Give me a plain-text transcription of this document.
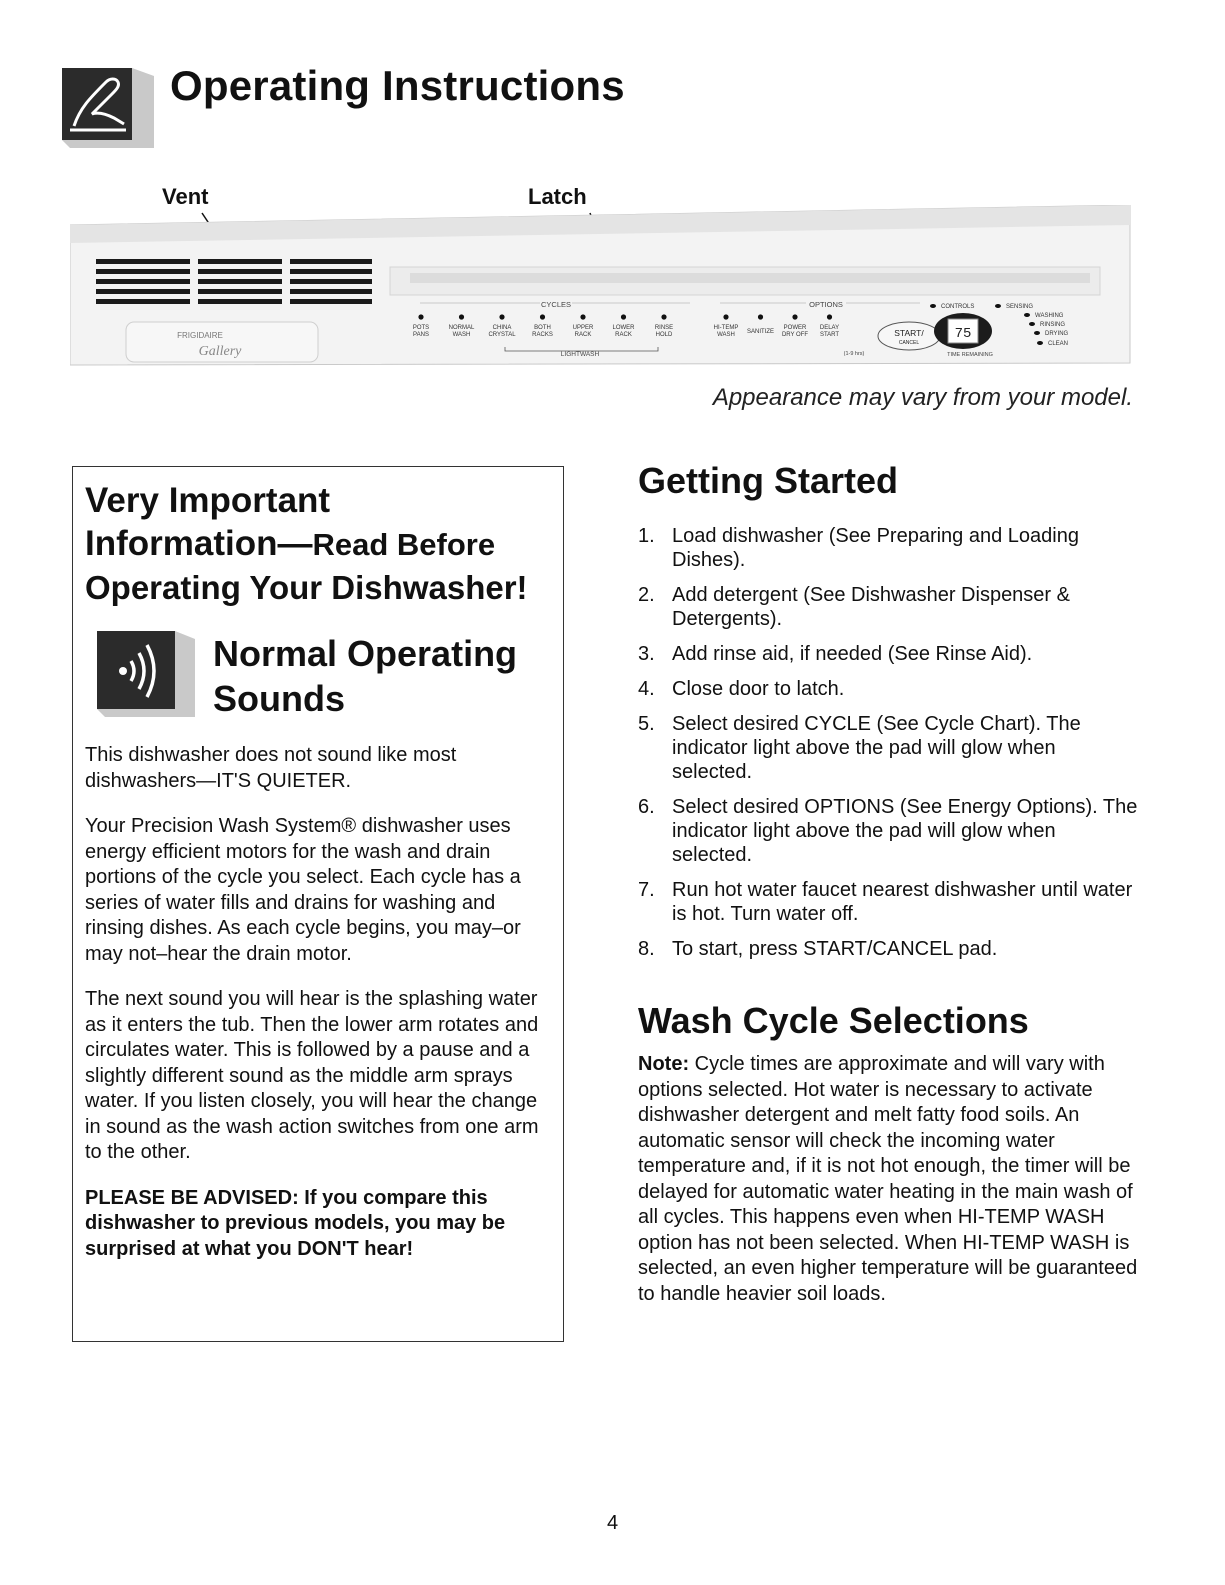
Operating Instructions
Vent	Latch
FRIGIDAIRE
Gallery
CYCLES	OPTIONS
POTS
PANS
NORMAL
WASH
CHINA
CRYSTAL
BOTH
RACKS
UPPER
RACK
LOWER
RACK
RINSE
HOLD
HI-TEMP
WASH SANITIZE
POWER
DRY OFF
DELAY
START
LIGHTWASH	(1-9 hrs)
START/
CANCEL
75
TIME REMAINING
CONTROLS	SENSING
WASHING
RINSING
DRYING
CLEAN
Appearance may vary from your model.
Very Important
Information—Read Before
Operating Your Dishwasher!
Normal Operating
Sounds

This dishwasher does not sound like most dishwashers—IT'S QUIETER.

Your Precision Wash System® dishwasher uses energy efficient motors for the wash and drain portions of the cycle you select. Each cycle has a series of water fills and drains for washing and rinsing dishes. As each cycle begins, you may–or may not–hear the drain motor.

The next sound you will hear is the splashing water as it enters the tub. Then the lower arm rotates and circulates water. This is followed by a pause and a slightly different sound as the middle arm sprays water. If you listen closely, you will hear the change in sound as the wash action switches from one arm to the other.

PLEASE BE ADVISED: If you compare this dishwasher to previous models, you may be surprised at what you DON'T hear!

Getting Started
1. Load dishwasher (See Preparing and Loading Dishes).
2. Add detergent (See Dishwasher Dispenser & Detergents).
3. Add rinse aid, if needed (See Rinse Aid).
4. Close door to latch.
5. Select desired CYCLE (See Cycle Chart). The indicator light above the pad will glow when selected.
6. Select desired OPTIONS (See Energy Options). The indicator light above the pad will glow when selected.
7. Run hot water faucet nearest dishwasher until water is hot. Turn water off.
8. To start, press START/CANCEL pad.
Wash Cycle Selections
Note: Cycle times are approximate and will vary with options selected. Hot water is necessary to activate dishwasher detergent and melt fatty food soils. An automatic sensor will check the incoming water temperature and, if it is not hot enough, the timer will be delayed for automatic water heating in the main wash of all cycles. This happens even when HI-TEMP WASH option has not been selected. When HI-TEMP WASH is selected, an even higher temperature will be guaranteed to handle heavier soil loads.
4
